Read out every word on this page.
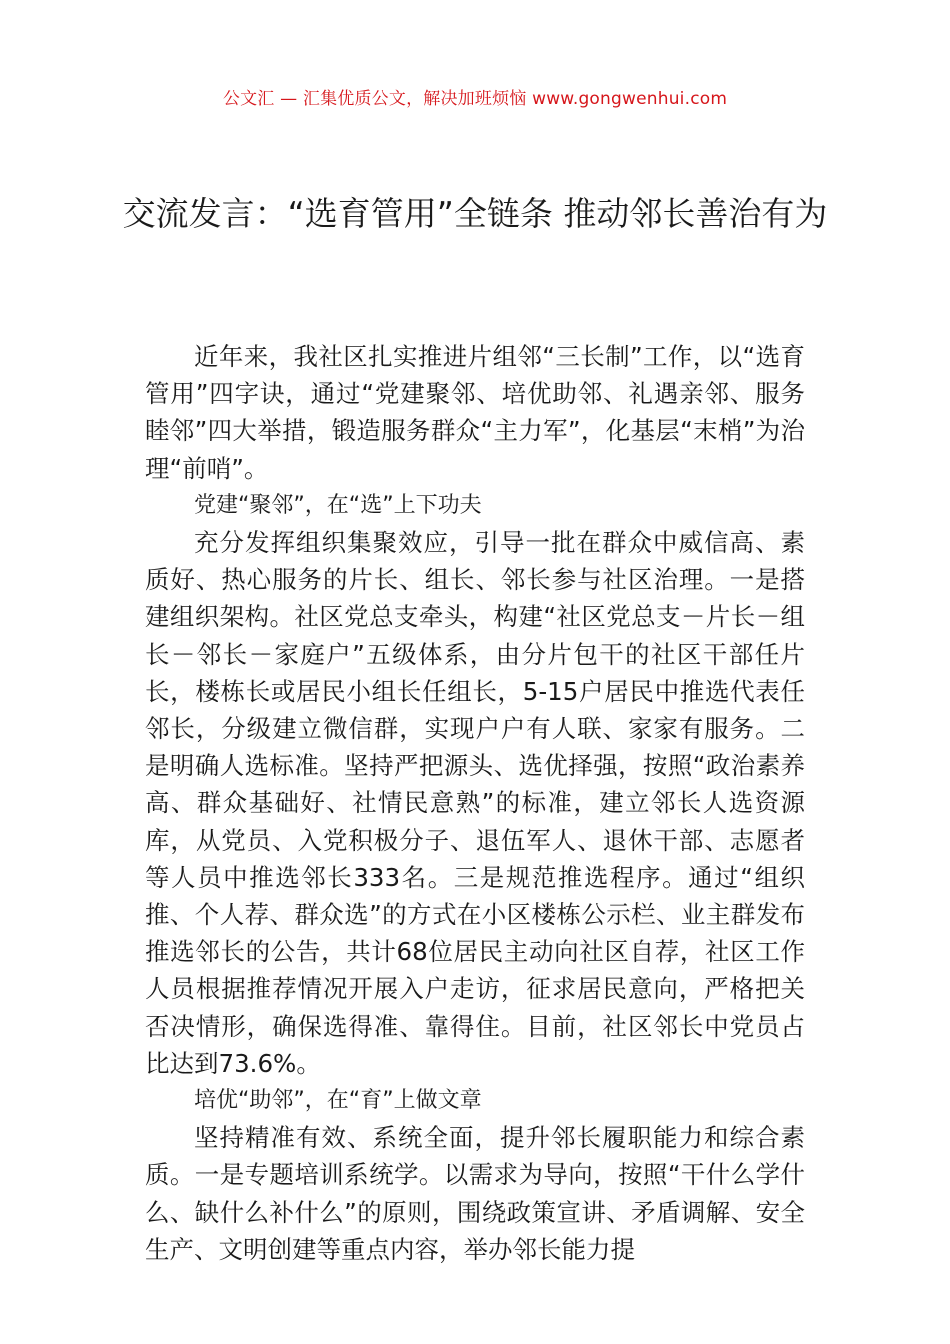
公文汇 — 汇集优质公文，解决加班烦恼 www.gongwenhui.com
交流发言：“选育管用”全链条 推动邻长善治有为

近年来，我社区扎实推进片组邻“三长制”工作，以“选育管用”四字诀，通过“党建聚邻、培优助邻、礼遇亲邻、服务睦邻”四大举措，锻造服务群众“主力军”，化基层“末梢”为治理“前哨”。

党建“聚邻”，在“选”上下功夫

充分发挥组织集聚效应，引导一批在群众中威信高、素质好、热心服务的片长、组长、邻长参与社区治理。一是搭建组织架构。社区党总支牵头，构建“社区党总支－片长－组长－邻长－家庭户”五级体系，由分片包干的社区干部任片长，楼栋长或居民小组长任组长，5-15户居民中推选代表任邻长，分级建立微信群，实现户户有人联、家家有服务。二是明确人选标准。坚持严把源头、选优择强，按照“政治素养高、群众基础好、社情民意熟”的标准，建立邻长人选资源库，从党员、入党积极分子、退伍军人、退休干部、志愿者等人员中推选邻长333名。三是规范推选程序。通过“组织推、个人荐、群众选”的方式在小区楼栋公示栏、业主群发布推选邻长的公告，共计68位居民主动向社区自荐，社区工作人员根据推荐情况开展入户走访，征求居民意向，严格把关否决情形，确保选得准、靠得住。目前，社区邻长中党员占比达到73.6%。

培优“助邻”，在“育”上做文章

坚持精准有效、系统全面，提升邻长履职能力和综合素质。一是专题培训系统学。以需求为导向，按照“干什么学什么、缺什么补什么”的原则，围绕政策宣讲、矛盾调解、安全生产、文明创建等重点内容，举办邻长能力提
